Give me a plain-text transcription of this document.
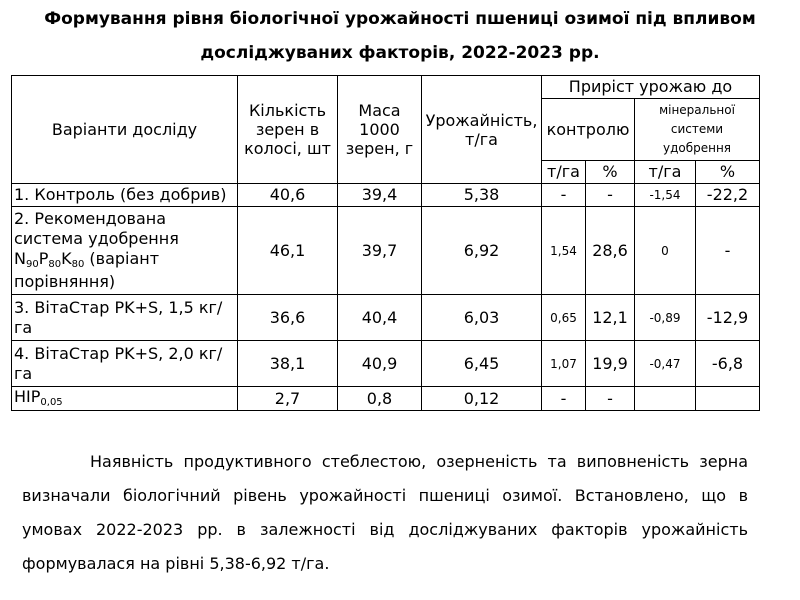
Формування рівня біологічної урожайності пшениці озимої під впливом
досліджуваних факторів, 2022-2023 рр.
Варіанти досліду	Кількість зерен в колосі, шт	Маса 1000 зерен, г	Урожайність, т/га	Приріст урожаю до			
				контролю		мінеральної системи удобрення	
				т/га	%	т/га	%
1. Контроль (без добрив)	40,6	39,4	5,38	-	-	-1,54	-22,2
2. Рекомендована система удобрення $N_{90}P_{80}K_{80}$ (варіант порівняння)	46,1	39,7	6,92	1,54	28,6	0	-
3. ВітаСтар PK+S, 1,5 кг/га	36,6	40,4	6,03	0,65	12,1	-0,89	-12,9
4. ВітаСтар PK+S, 2,0 кг/га	38,1	40,9	6,45	1,07	19,9	-0,47	-6,8
$НІР_{0,05}$	2,7	0,8	0,12	-	-		

Наявність продуктивного стеблестою, озерненість та виповненість зерна визначали біологічний рівень урожайності пшениці озимої. Встановлено, що в умовах 2022-2023 рр. в залежності від досліджуваних факторів урожайність формувалася на рівні 5,38-6,92 т/га.
